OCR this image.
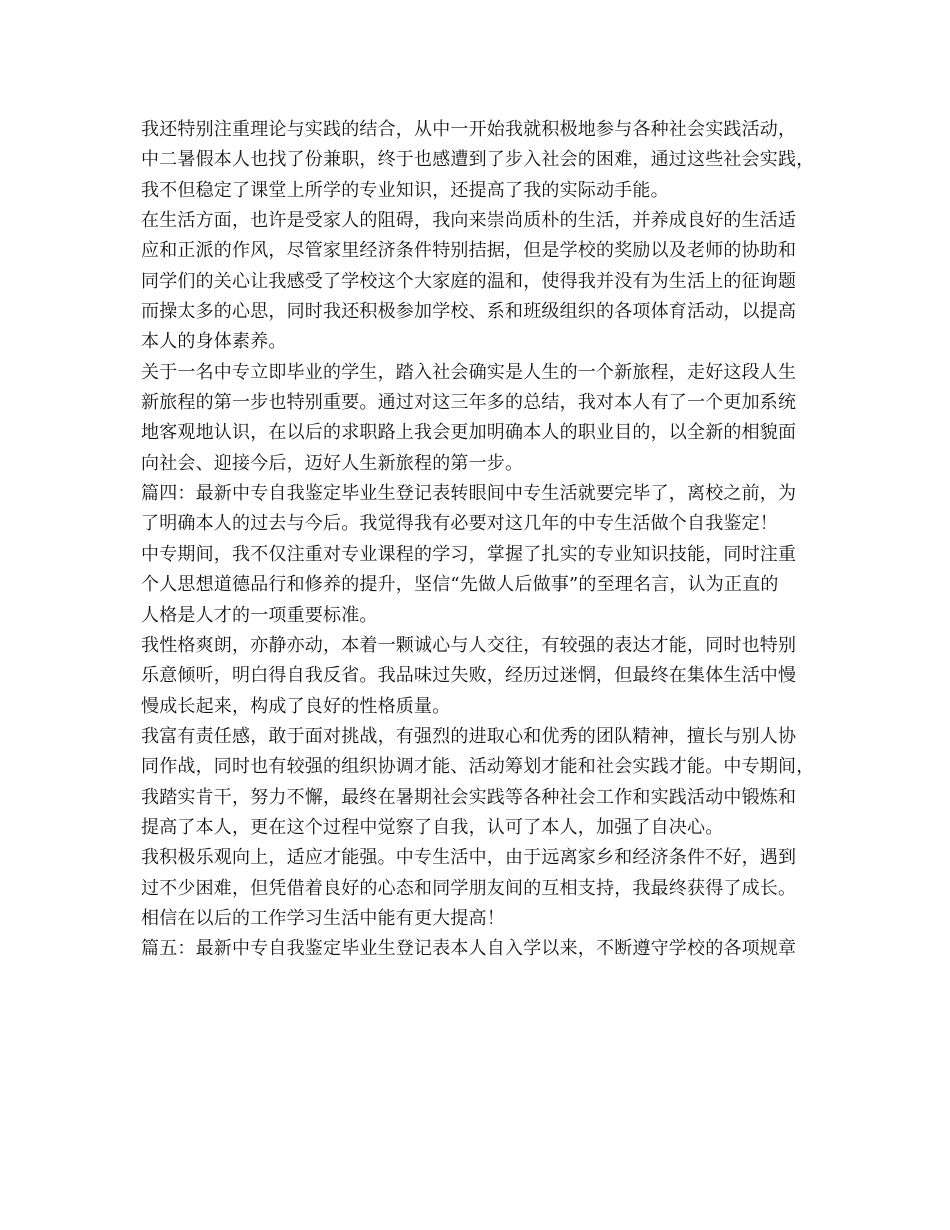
我还特别注重理论与实践的结合，从中一开始我就积极地参与各种社会实践活动，
中二暑假本人也找了份兼职，终于也感遭到了步入社会的困难，通过这些社会实践，
我不但稳定了课堂上所学的专业知识，还提高了我的实际动手能。
在生活方面，也许是受家人的阻碍，我向来崇尚质朴的生活，并养成良好的生活适
应和正派的作风，尽管家里经济条件特别拮据，但是学校的奖励以及老师的协助和
同学们的关心让我感受了学校这个大家庭的温和，使得我并没有为生活上的征询题
而操太多的心思，同时我还积极参加学校、系和班级组织的各项体育活动，以提高
本人的身体素养。
关于一名中专立即毕业的学生，踏入社会确实是人生的一个新旅程，走好这段人生
新旅程的第一步也特别重要。通过对这三年多的总结，我对本人有了一个更加系统
地客观地认识，在以后的求职路上我会更加明确本人的职业目的，以全新的相貌面
向社会、迎接今后，迈好人生新旅程的第一步。
篇四：最新中专自我鉴定毕业生登记表转眼间中专生活就要完毕了，离校之前，为
了明确本人的过去与今后。我觉得我有必要对这几年的中专生活做个自我鉴定！
中专期间，我不仅注重对专业课程的学习，掌握了扎实的专业知识技能，同时注重
个人思想道德品行和修养的提升，坚信“先做人后做事”的至理名言，认为正直的
人格是人才的一项重要标准。
我性格爽朗，亦静亦动，本着一颗诚心与人交往，有较强的表达才能，同时也特别
乐意倾听，明白得自我反省。我品味过失败，经历过迷惘，但最终在集体生活中慢
慢成长起来，构成了良好的性格质量。
我富有责任感，敢于面对挑战，有强烈的进取心和优秀的团队精神，擅长与别人协
同作战，同时也有较强的组织协调才能、活动筹划才能和社会实践才能。中专期间，
我踏实肯干，努力不懈，最终在暑期社会实践等各种社会工作和实践活动中锻炼和
提高了本人，更在这个过程中觉察了自我，认可了本人，加强了自决心。
我积极乐观向上，适应才能强。中专生活中，由于远离家乡和经济条件不好，遇到
过不少困难，但凭借着良好的心态和同学朋友间的互相支持，我最终获得了成长。
相信在以后的工作学习生活中能有更大提高！
篇五：最新中专自我鉴定毕业生登记表本人自入学以来，不断遵守学校的各项规章
